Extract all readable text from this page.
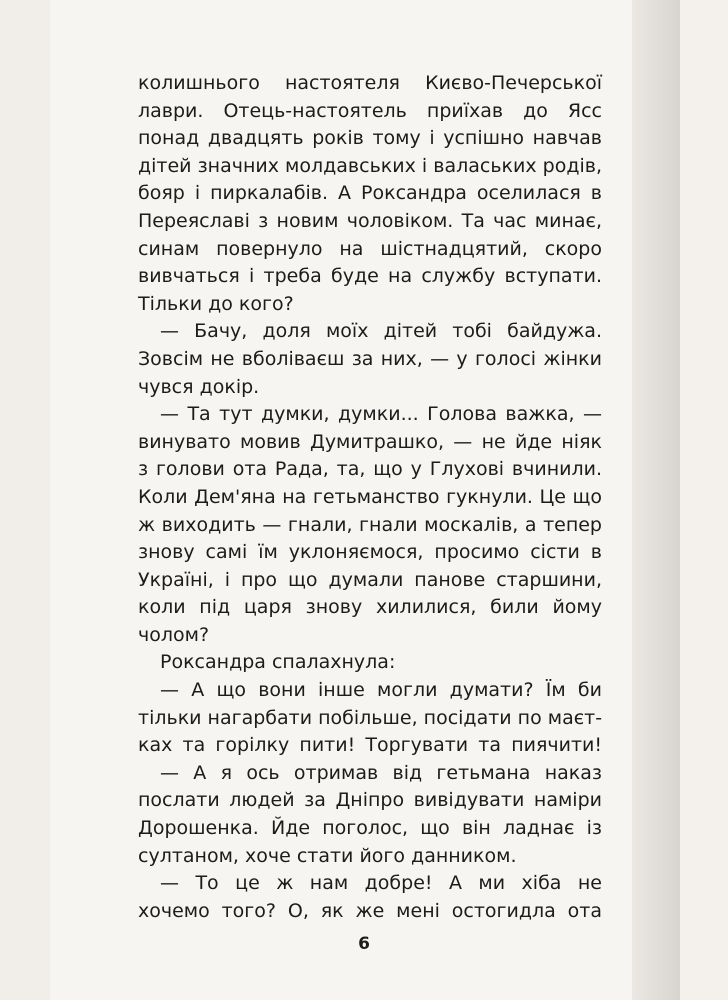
колишнього настоятеля Києво-Печерської
лаври. Отець-настоятель приїхав до Ясс
понад двадцять років тому і успішно навчав
дітей значних молдавських і валаських родів,
бояр і пиркалабів. А Роксандра оселилася в
Переяславі з новим чоловіком. Та час минає,
синам повернуло на шістнадцятий, скоро
вивчаться і треба буде на службу вступати.
Тільки до кого?
— Бачу, доля моїх дітей тобі байдужа.
Зовсім не вболіваєш за них, — у голосі жінки
чувся докір.
— Та тут думки, думки... Голова важка, —
винувато мовив Думитрашко, — не йде ніяк
з голови ота Рада, та, що у Глухові вчинили.
Коли Дем'яна на гетьманство гукнули. Це що
ж виходить — гнали, гнали москалів, а тепер
знову самі їм уклоняємося, просимо сісти в
Україні, і про що думали панове старшини,
коли під царя знову хилилися, били йому
чолом?
Роксандра спалахнула:
— А що вони інше могли думати? Їм би
тільки нагарбати побільше, посідати по маєт-
ках та горілку пити! Торгувати та пиячити!
— А я ось отримав від гетьмана наказ
послати людей за Дніпро вивідувати наміри
Дорошенка. Йде поголос, що він ладнає із
султаном, хоче стати його данником.
— То це ж нам добре! А ми хіба не
хочемо того? О, як же мені остогидла ота
6
